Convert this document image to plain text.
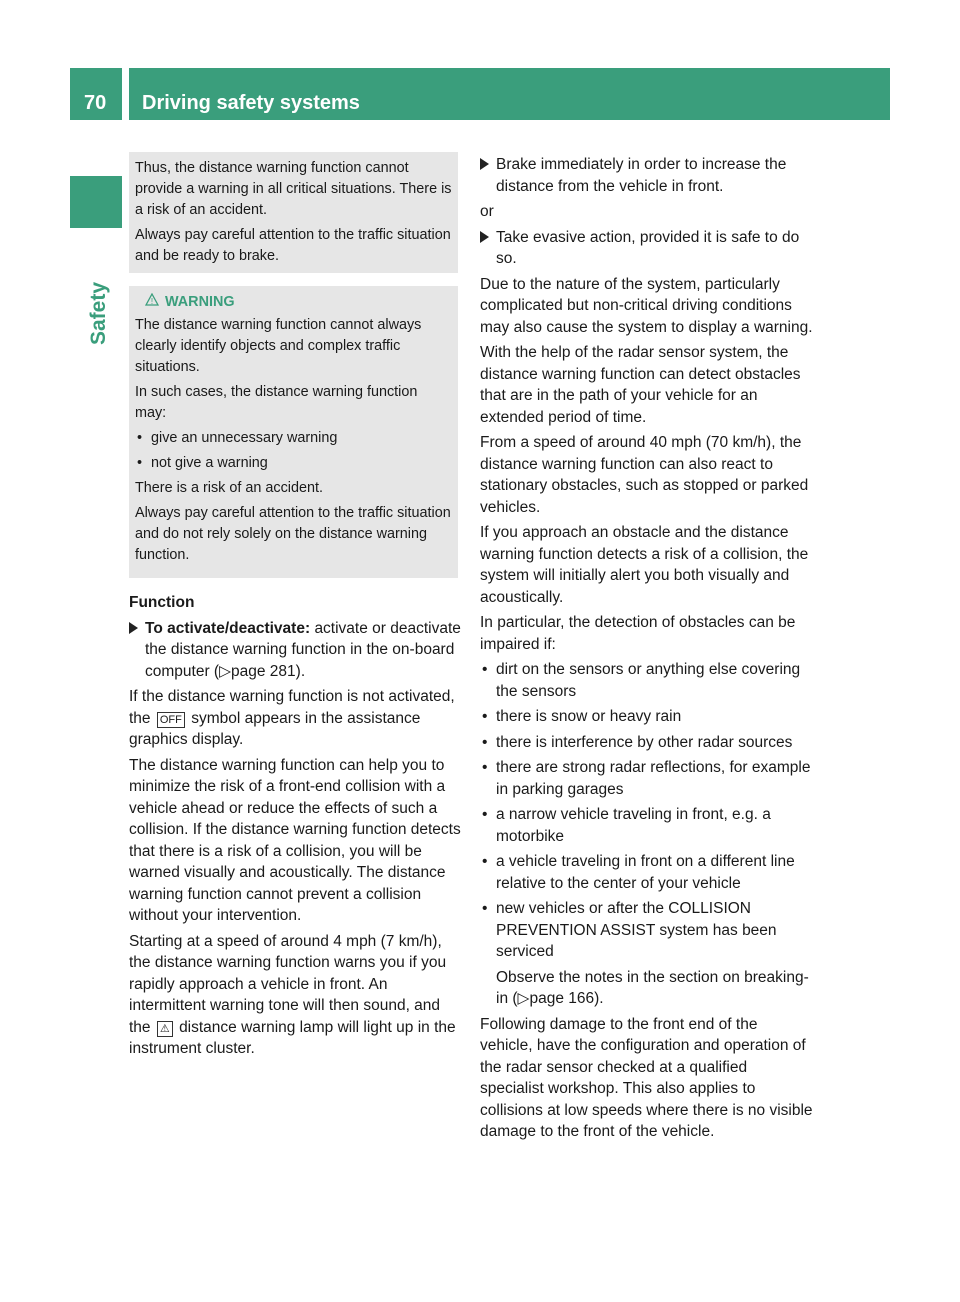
70 Driving safety systems
Safety

Thus, the distance warning function cannot provide a warning in all critical situations. There is a risk of an accident.

Always pay careful attention to the traffic situation and be ready to brake.

! WARNING

The distance warning function cannot always clearly identify objects and complex traffic situations.

In such cases, the distance warning function may:

• give an unnecessary warning

• not give a warning

There is a risk of an accident.

Always pay careful attention to the traffic situation and do not rely solely on the distance warning function.

Function

To activate/deactivate: activate or deactivate the distance warning function in the on-board computer (▷page 281).

If the distance warning function is not activated, the OFF symbol appears in the assistance graphics display.

The distance warning function can help you to minimize the risk of a front-end collision with a vehicle ahead or reduce the effects of such a collision. If the distance warning function detects that there is a risk of a collision, you will be warned visually and acoustically. The distance warning function cannot prevent a collision without your intervention.

Starting at a speed of around 4 mph (7 km/h), the distance warning function warns you if you rapidly approach a vehicle in front. An intermittent warning tone will then sound, and the ⚠ distance warning lamp will light up in the instrument cluster.

Brake immediately in order to increase the distance from the vehicle in front.

or

Take evasive action, provided it is safe to do so.

Due to the nature of the system, particularly complicated but non-critical driving conditions may also cause the system to display a warning.

With the help of the radar sensor system, the distance warning function can detect obstacles that are in the path of your vehicle for an extended period of time.

From a speed of around 40 mph (70 km/h), the distance warning function can also react to stationary obstacles, such as stopped or parked vehicles.

If you approach an obstacle and the distance warning function detects a risk of a collision, the system will initially alert you both visually and acoustically.

In particular, the detection of obstacles can be impaired if:

• dirt on the sensors or anything else covering the sensors

• there is snow or heavy rain

• there is interference by other radar sources

• there are strong radar reflections, for example in parking garages

• a narrow vehicle traveling in front, e.g. a motorbike

• a vehicle traveling in front on a different line relative to the center of your vehicle

• new vehicles or after the COLLISION PREVENTION ASSIST system has been serviced

Observe the notes in the section on breaking-in (▷page 166).

Following damage to the front end of the vehicle, have the configuration and operation of the radar sensor checked at a qualified specialist workshop. This also applies to collisions at low speeds where there is no visible damage to the front of the vehicle.
